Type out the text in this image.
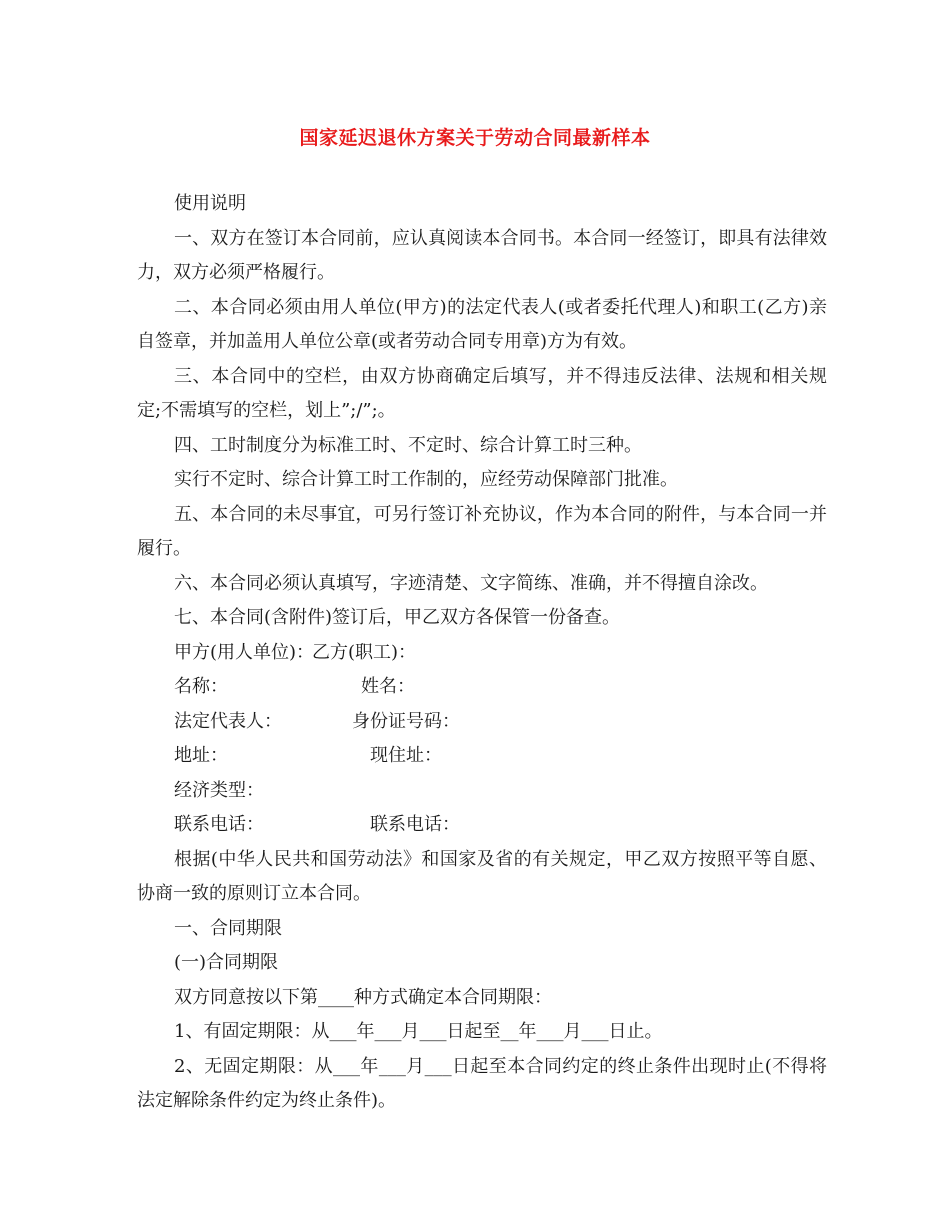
国家延迟退休方案关于劳动合同最新样本

使用说明

一、双方在签订本合同前，应认真阅读本合同书。本合同一经签订，即具有法律效力，双方必须严格履行。

二、本合同必须由用人单位(甲方)的法定代表人(或者委托代理人)和职工(乙方)亲自签章，并加盖用人单位公章(或者劳动合同专用章)方为有效。

三、本合同中的空栏，由双方协商确定后填写，并不得违反法律、法规和相关规定;不需填写的空栏，划上”;/”;。

四、工时制度分为标准工时、不定时、综合计算工时三种。

实行不定时、综合计算工时工作制的，应经劳动保障部门批准。

五、本合同的未尽事宜，可另行签订补充协议，作为本合同的附件，与本合同一并履行。

六、本合同必须认真填写，字迹清楚、文字简练、准确，并不得擅自涂改。

七、本合同(含附件)签订后，甲乙双方各保管一份备查。

甲方(用人单位)：
乙方(职工)：
名称：	姓名：
法定代表人：	身份证号码：
地址：	现住址：
经济类型：
联系电话：	联系电话：

根据(中华人民共和国劳动法》和国家及省的有关规定，甲乙双方按照平等自愿、协商一致的原则订立本合同。

一、合同期限

(一)合同期限

双方同意按以下第____种方式确定本合同期限：

1、有固定期限：从___年___月___日起至__年___月___日止。

2、无固定期限：从___年___月___日起至本合同约定的终止条件出现时止(不得将法定解除条件约定为终止条件)。
